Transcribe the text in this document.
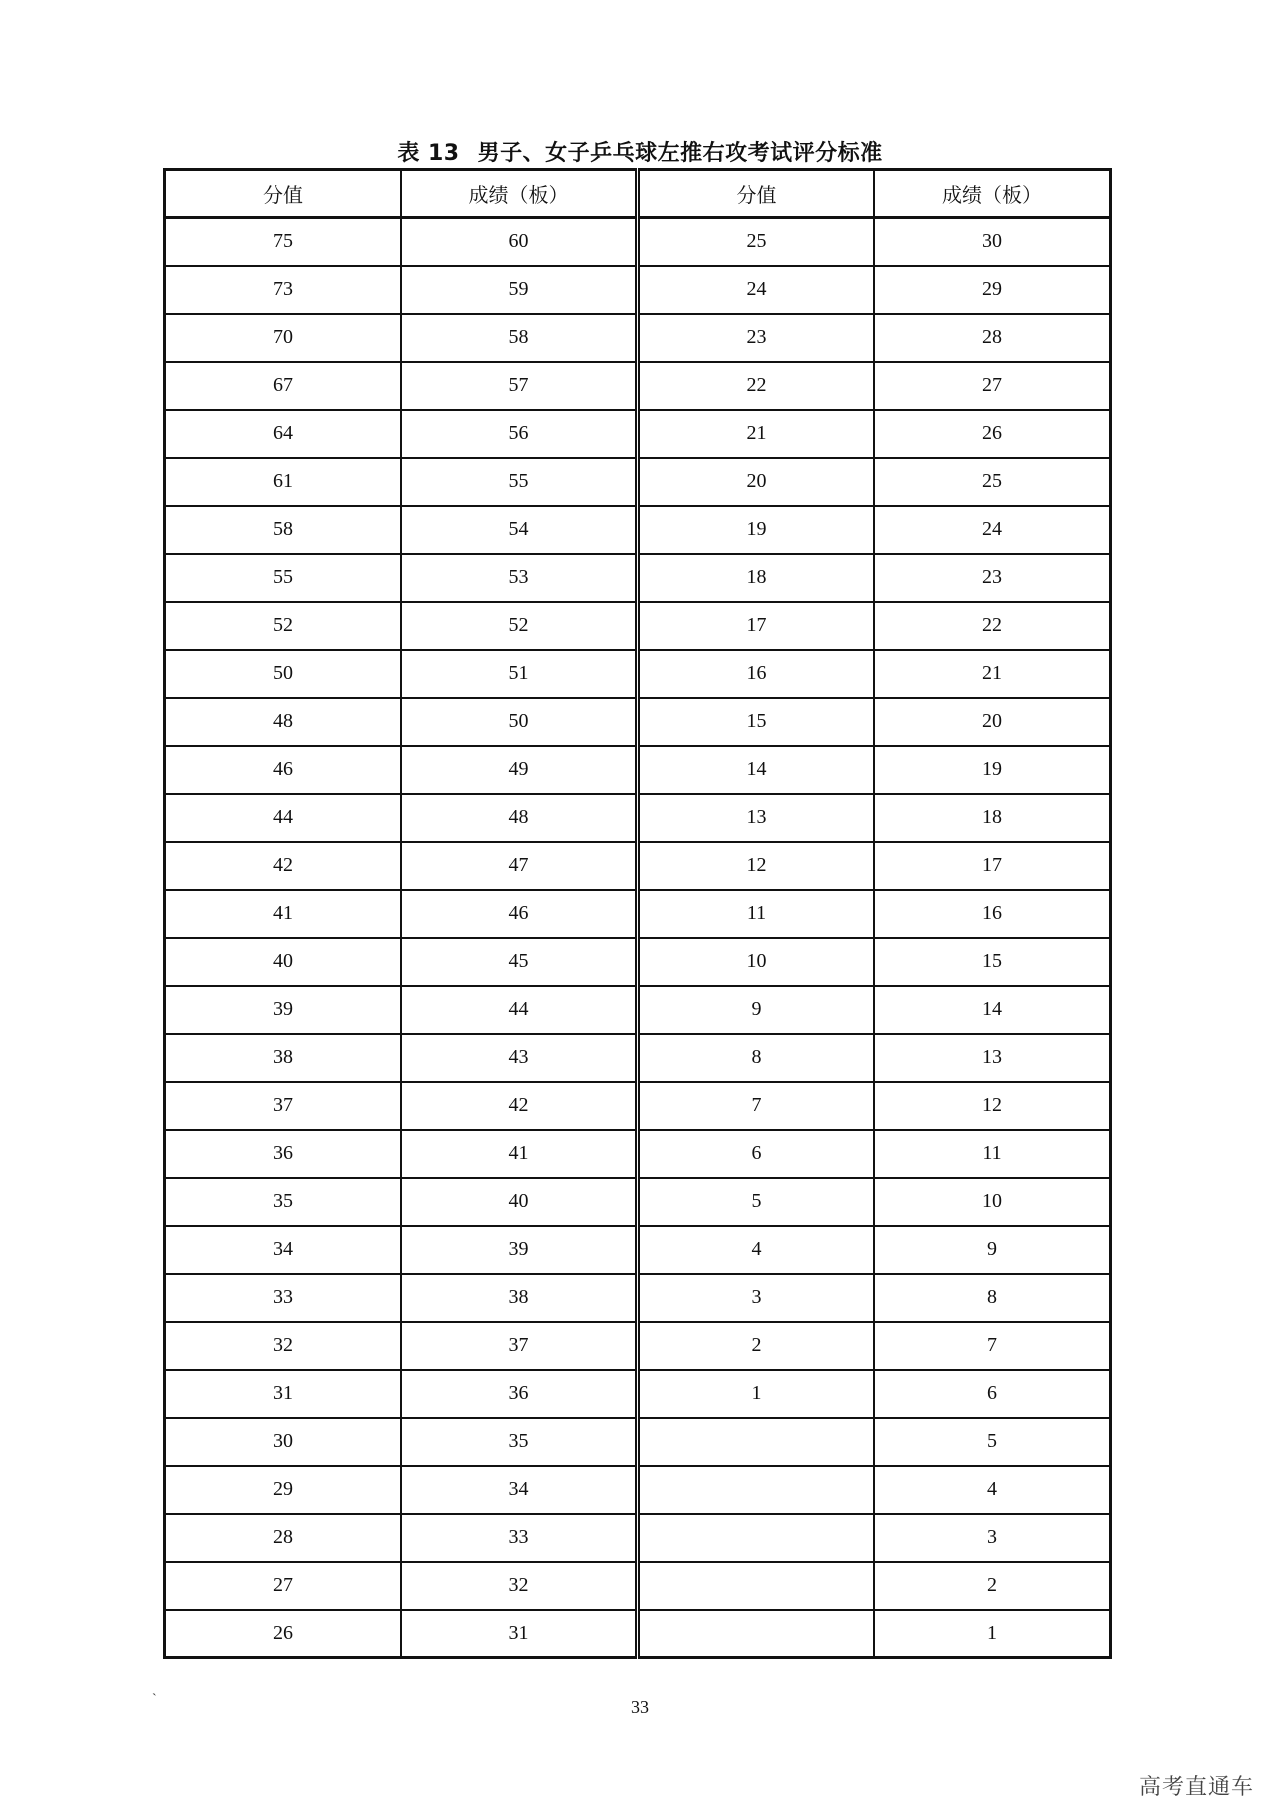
表 13 男子、女子乒乓球左推右攻考试评分标准
分值	成绩（板）	分值	成绩（板）
75	60	25	30
73	59	24	29
70	58	23	28
67	57	22	27
64	56	21	26
61	55	20	25
58	54	19	24
55	53	18	23
52	52	17	22
50	51	16	21
48	50	15	20
46	49	14	19
44	48	13	18
42	47	12	17
41	46	11	16
40	45	10	15
39	44	9	14
38	43	8	13
37	42	7	12
36	41	6	11
35	40	5	10
34	39	4	9
33	38	3	8
32	37	2	7
31	36	1	6
30	35		5
29	34		4
28	33		3
27	32		2
26	31		1
`	33
高考直通车
